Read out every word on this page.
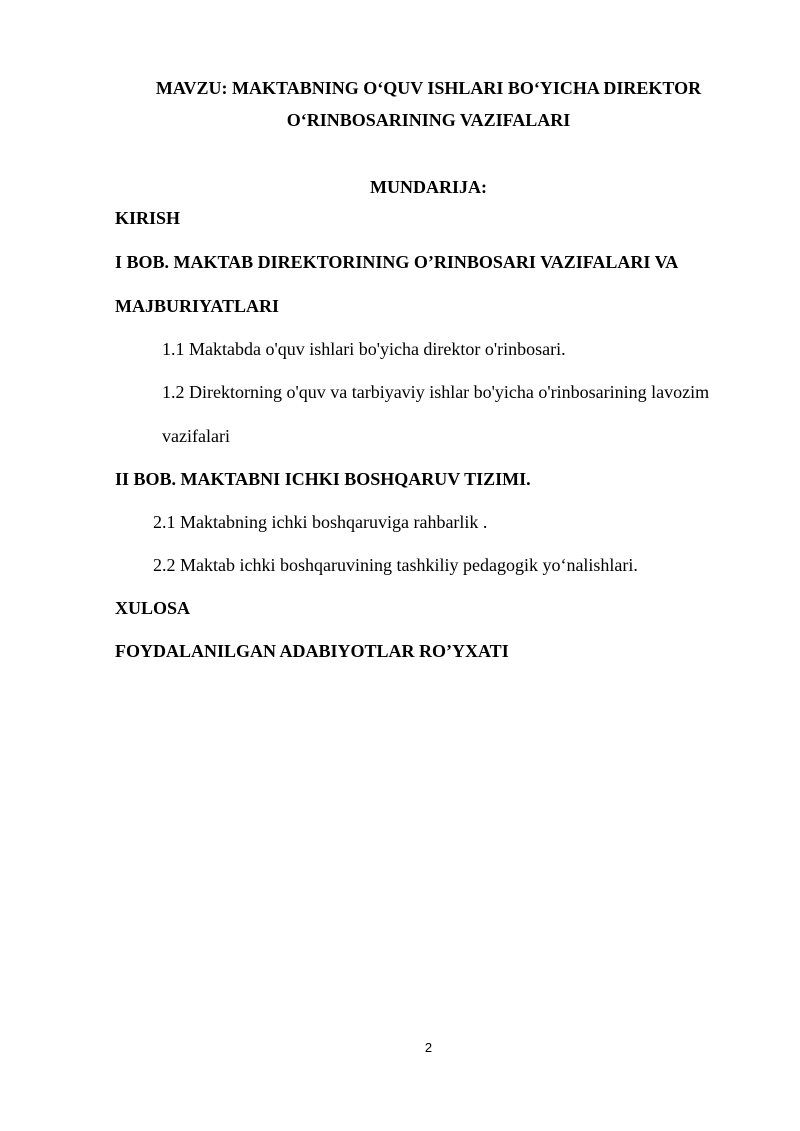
MAVZU: MAKTABNING O‘QUV ISHLARI BO‘YICHA DIREKTOR
O‘RINBOSARINING VAZIFALARI
MUNDARIJA:
KIRISH
I BOB. MAKTAB DIREKTORINING O’RINBOSARI VAZIFALARI VA
MAJBURIYATLARI
1.1 Maktabda o'quv ishlari bo'yicha direktor o'rinbosari.
1.2 Direktorning o'quv va tarbiyaviy ishlar bo'yicha o'rinbosarining lavozim
vazifalari
II BOB. MAKTABNI ICHKI BOSHQARUV TIZIMI.
2.1 Maktabning ichki boshqaruviga rahbarlik .
2.2 Maktab ichki boshqaruvining tashkiliy pedagogik yo‘nalishlari.
XULOSA
FOYDALANILGAN ADABIYOTLAR RO’YXATI
2
